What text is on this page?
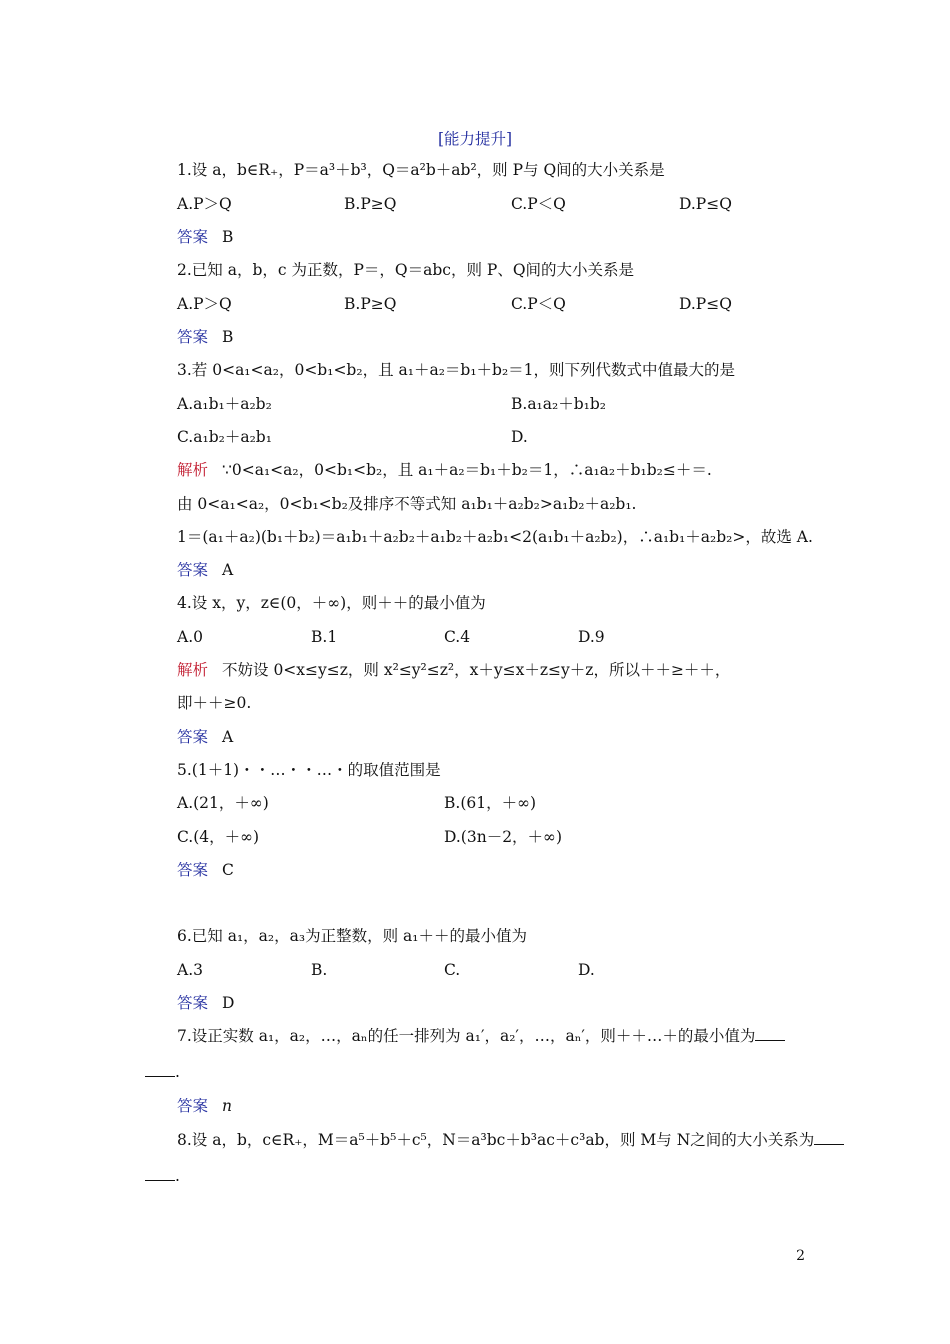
[能力提升]
1.设 a，b∈R₊，P＝a³＋b³，Q＝a²b＋ab²，则 P与 Q间的大小关系是
A.P＞Q	B.P≥Q	C.P＜Q	D.P≤Q
答案 B
2.已知 a，b，c 为正数，P＝，Q＝abc，则 P、Q间的大小关系是
A.P＞Q	B.P≥Q	C.P＜Q	D.P≤Q
答案 B
3.若 0<a₁<a₂，0<b₁<b₂，且 a₁＋a₂＝b₁＋b₂＝1，则下列代数式中值最大的是
A.a₁b₁＋a₂b₂	B.a₁a₂＋b₁b₂
C.a₁b₂＋a₂b₁	D.
解析 ∵0<a₁<a₂，0<b₁<b₂，且 a₁＋a₂＝b₁＋b₂＝1，∴a₁a₂＋b₁b₂≤＋＝.
由 0<a₁<a₂，0<b₁<b₂及排序不等式知 a₁b₁＋a₂b₂>a₁b₂＋a₂b₁.
1＝(a₁＋a₂)(b₁＋b₂)＝a₁b₁＋a₂b₂＋a₁b₂＋a₂b₁<2(a₁b₁＋a₂b₂)，∴a₁b₁＋a₂b₂>，故选 A.
答案 A
4.设 x，y，z∈(0，＋∞)，则＋＋的最小值为
A.0	B.1	C.4	D.9
解析 不妨设 0<x≤y≤z，则 x²≤y²≤z²，x＋y≤x＋z≤y＋z，所以＋＋≥＋＋，
即＋＋≥0.
答案 A
5.(1＋1)・・…・・…・的取值范围是
A.(21，＋∞)	B.(61，＋∞)
C.(4，＋∞)	D.(3n－2，＋∞)
答案 C
6.已知 a₁，a₂，a₃为正整数，则 a₁＋＋的最小值为
A.3	B.	C.	D.
答案 D
7.设正实数 a₁，a₂，…，aₙ的任一排列为 a₁′，a₂′，…，aₙ′，则＋＋…＋的最小值为
.
答案 n
8.设 a，b，c∈R₊，M＝a⁵＋b⁵＋c⁵，N＝a³bc＋b³ac＋c³ab，则 M与 N之间的大小关系为
.
2
